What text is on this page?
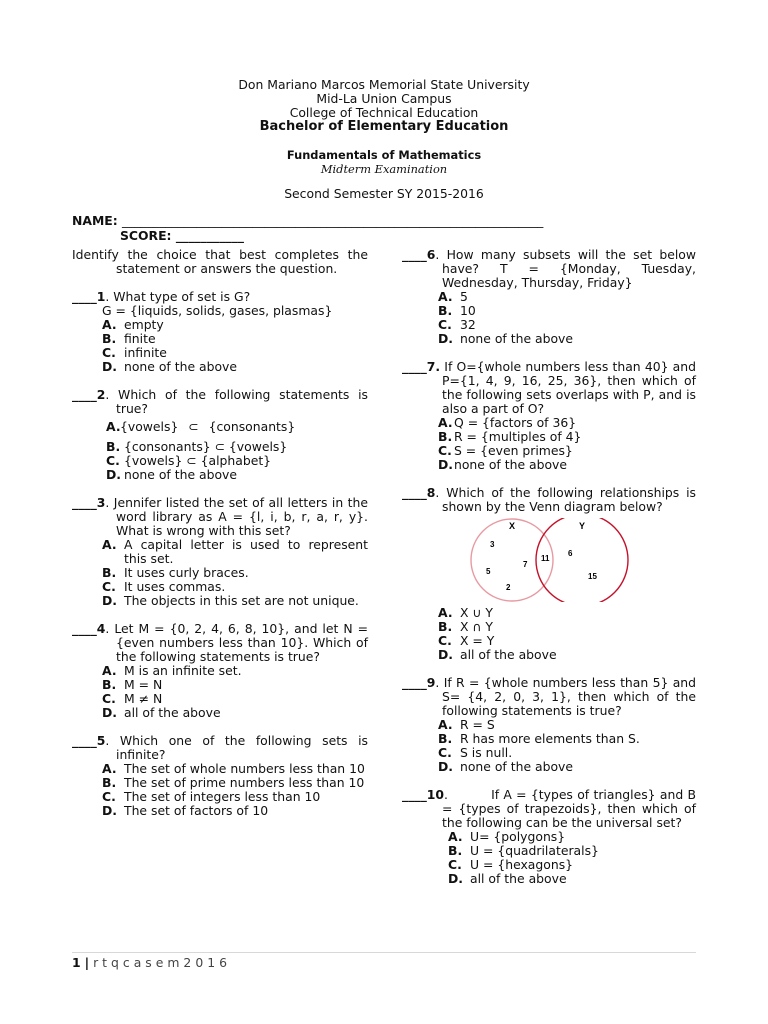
Don Mariano Marcos Memorial State University
Mid-La Union Campus
College of Technical Education
Bachelor of Elementary Education
Fundamentals of Mathematics
Midterm Examination
Second Semester SY 2015-2016
NAME: ____________________________________________________________________
SCORE: ___________
Identify the choice that best completes the statement or answers the question.
____1. What type of set is G?
G = {liquids, solids, gases, plasmas}
A. empty
B. finite
C. infinite
D. none of the above
____2. Which of the following statements is true?
A. {vowels} ⊂ {consonants}
B. {consonants} ⊂ {vowels}
C. {vowels} ⊂ {alphabet}
D. none of the above
____3. Jennifer listed the set of all letters in the word library as A = {l, i, b, r, a, r, y}. What is wrong with this set?
A. A capital letter is used to represent this set.
B. It uses curly braces.
C. It uses commas.
D. The objects in this set are not unique.
____4. Let M = {0, 2, 4, 6, 8, 10}, and let N = {even numbers less than 10}. Which of the following statements is true?
A. M is an infinite set.
B. M = N
C. M ≠ N
D. all of the above
____5. Which one of the following sets is infinite?
A. The set of whole numbers less than 10
B. The set of prime numbers less than 10
C. The set of integers less than 10
D. The set of factors of 10
____6. How many subsets will the set below have? T = {Monday, Tuesday, Wednesday, Thursday, Friday}
A. 5
B. 10
C. 32
D. none of the above
____7. If O={whole numbers less than 40} and P={1, 4, 9, 16, 25, 36}, then which of the following sets overlaps with P, and is also a part of O?
A. Q = {factors of 36}
B. R = {multiples of 4}
C. S = {even primes}
D. none of the above
____8. Which of the following relationships is shown by the Venn diagram below?
X	Y
3
7
5
2
11
6
15
A. X ∪ Y
B. X ∩ Y
C. X = Y
D. all of the above
____9. If R = {whole numbers less than 5} and S= {4, 2, 0, 3, 1}, then which of the following statements is true?
A. R = S
B. R has more elements than S.
C. S is null.
D. none of the above
____10.          If A = {types of triangles} and B = {types of trapezoids}, then which of the following can be the universal set?
A. U= {polygons}
B. U = {quadrilaterals}
C. U = {hexagons}
D. all of the above
1 | rtqcasem2016
